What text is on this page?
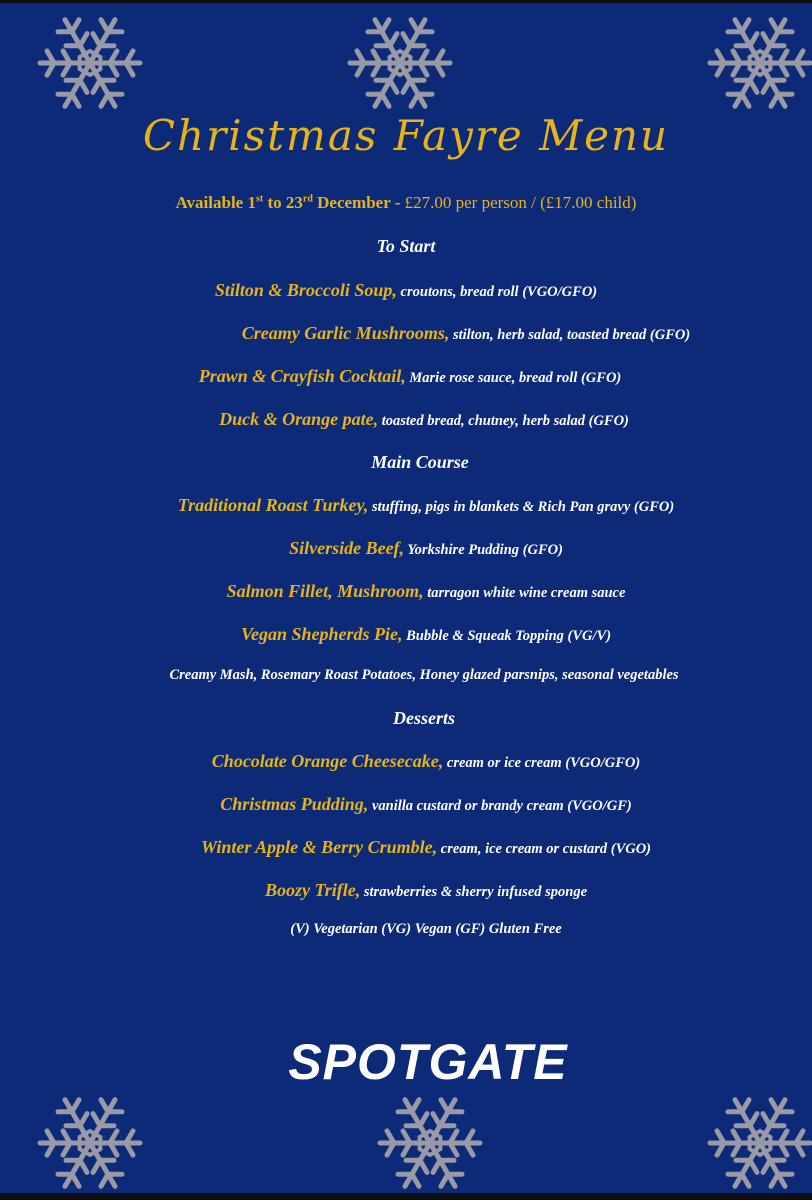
Christmas Fayre Menu
Available 1st to 23rd December - £27.00 per person / (£17.00 child)
To Start
Stilton & Broccoli Soup, croutons, bread roll (VGO/GFO)
Creamy Garlic Mushrooms, stilton, herb salad, toasted bread (GFO)
Prawn & Crayfish Cocktail, Marie rose sauce, bread roll (GFO)
Duck & Orange pate, toasted bread, chutney, herb salad (GFO)
Main Course
Traditional Roast Turkey, stuffing, pigs in blankets & Rich Pan gravy (GFO)
Silverside Beef, Yorkshire Pudding (GFO)
Salmon Fillet, Mushroom, tarragon white wine cream sauce
Vegan Shepherds Pie, Bubble & Squeak Topping (VG/V)
Creamy Mash, Rosemary Roast Potatoes, Honey glazed parsnips, seasonal vegetables
Desserts
Chocolate Orange Cheesecake, cream or ice cream (VGO/GFO)
Christmas Pudding, vanilla custard or brandy cream (VGO/GF)
Winter Apple & Berry Crumble, cream, ice cream or custard (VGO)
Boozy Trifle, strawberries & sherry infused sponge
(V) Vegetarian (VG) Vegan (GF) Gluten Free
SPOTGATE
